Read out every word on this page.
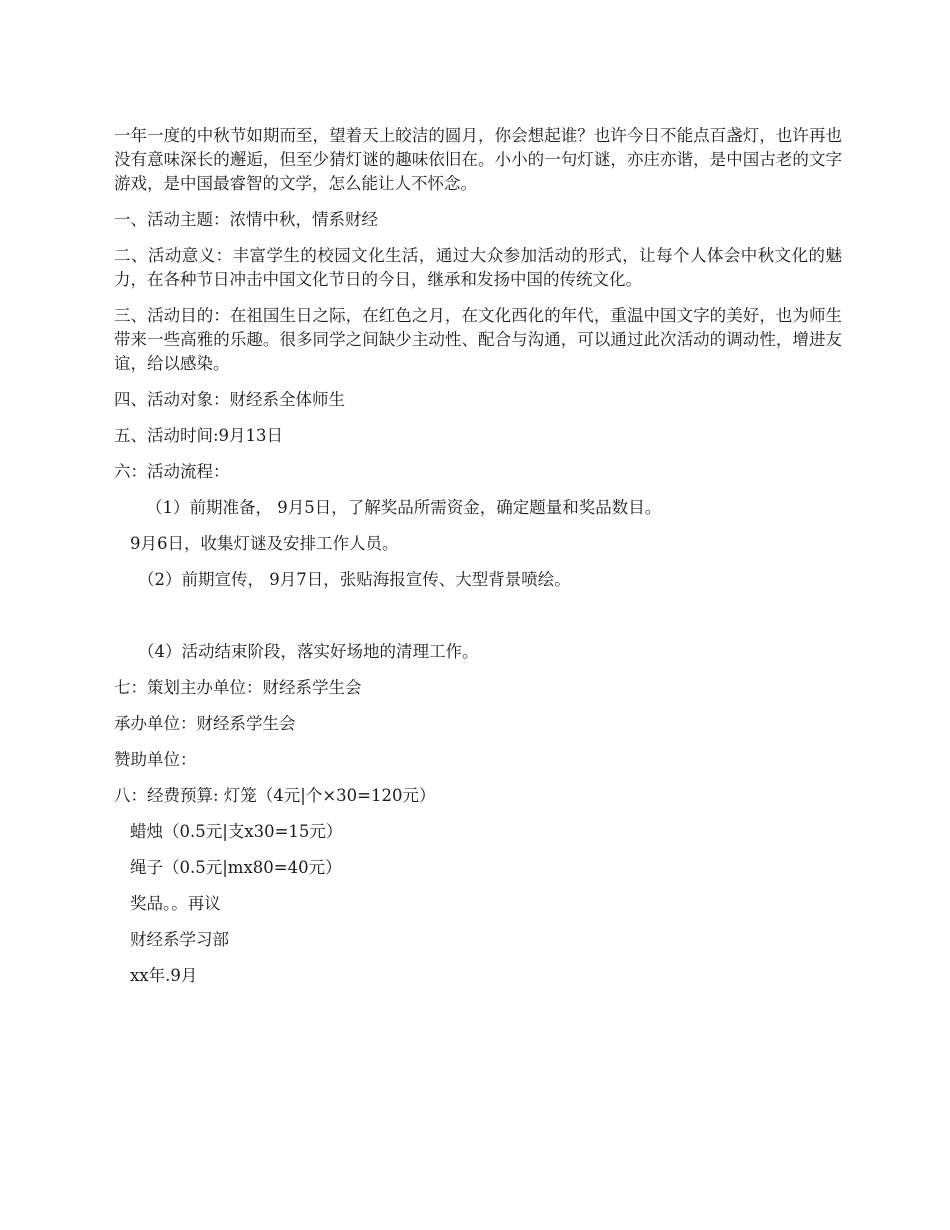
一年一度的中秋节如期而至，望着天上皎洁的圆月，你会想起谁？也许今日不能点百盏灯，也许再也没有意味深长的邂逅，但至少猜灯谜的趣味依旧在。小小的一句灯谜，亦庄亦谐，是中国古老的文字游戏，是中国最睿智的文学，怎么能让人不怀念。

一、活动主题：浓情中秋，情系财经

二、活动意义：丰富学生的校园文化生活，通过大众参加活动的形式，让每个人体会中秋文化的魅力，在各种节日冲击中国文化节日的今日，继承和发扬中国的传统文化。

三、活动目的：在祖国生日之际，在红色之月，在文化西化的年代，重温中国文字的美好，也为师生带来一些高雅的乐趣。很多同学之间缺少主动性、配合与沟通，可以通过此次活动的调动性，增进友谊，给以感染。

四、活动对象：财经系全体师生

五、活动时间:9月13日

六：活动流程：

（1）前期准备， 9月5日，了解奖品所需资金，确定题量和奖品数目。

9月6日，收集灯谜及安排工作人员。

（2）前期宣传， 9月7日，张贴海报宣传、大型背景喷绘。

（4）活动结束阶段，落实好场地的清理工作。

七：策划主办单位：财经系学生会

承办单位：财经系学生会

赞助单位：

八：经费预算: 灯笼（4元|个×30=120元）

蜡烛（0.5元|支x30=15元）

绳子（0.5元|mx80=40元）

奖品。。再议

财经系学习部

xx年.9月
